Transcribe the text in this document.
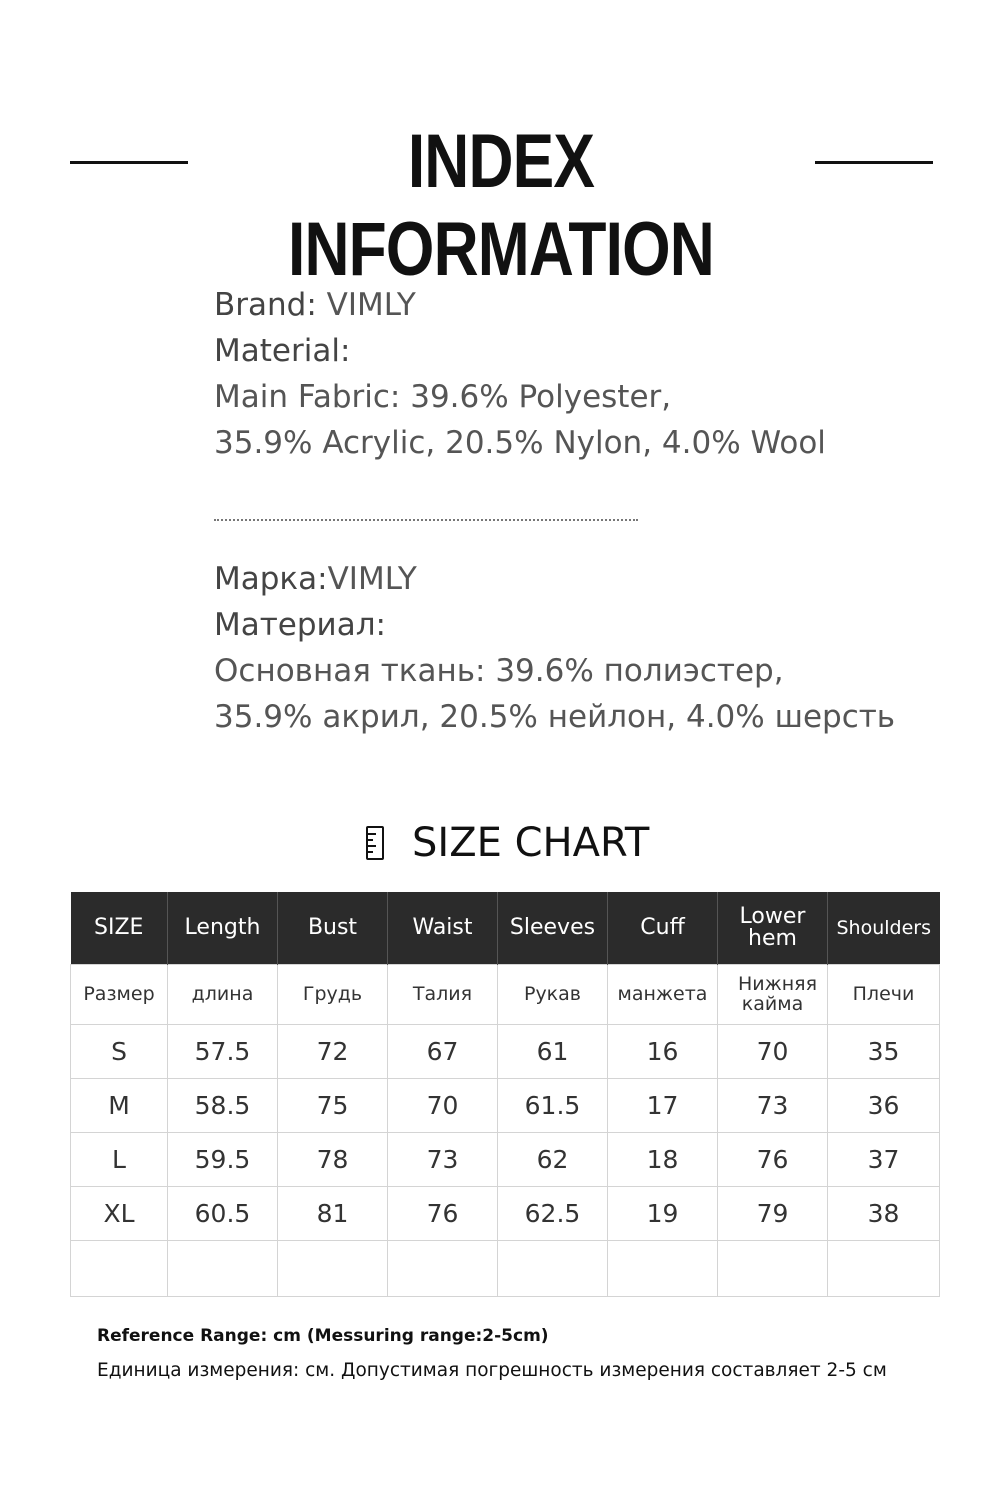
INDEX INFORMATION
Brand: VIMLY
Material:
Main Fabric: 39.6% Polyester,
35.9% Acrylic, 20.5% Nylon, 4.0% Wool
Марка:VIMLY
Материал:
Основная ткань: 39.6% полиэстер,
35.9% акрил, 20.5% нейлон, 4.0% шерсть
SIZE CHART
SIZE	Length	Bust	Waist	Sleeves	Cuff	Lower hem	Shoulders
Размер	длина	Грудь	Талия	Рукав	манжета	Нижняя кайма	Плечи
S	57.5	72	67	61	16	70	35
M	58.5	75	70	61.5	17	73	36
L	59.5	78	73	62	18	76	37
XL	60.5	81	76	62.5	19	79	38

Reference Range: cm (Messuring range:2-5cm)
Единица измерения: см. Допустимая погрешность измерения составляет 2-5 см
